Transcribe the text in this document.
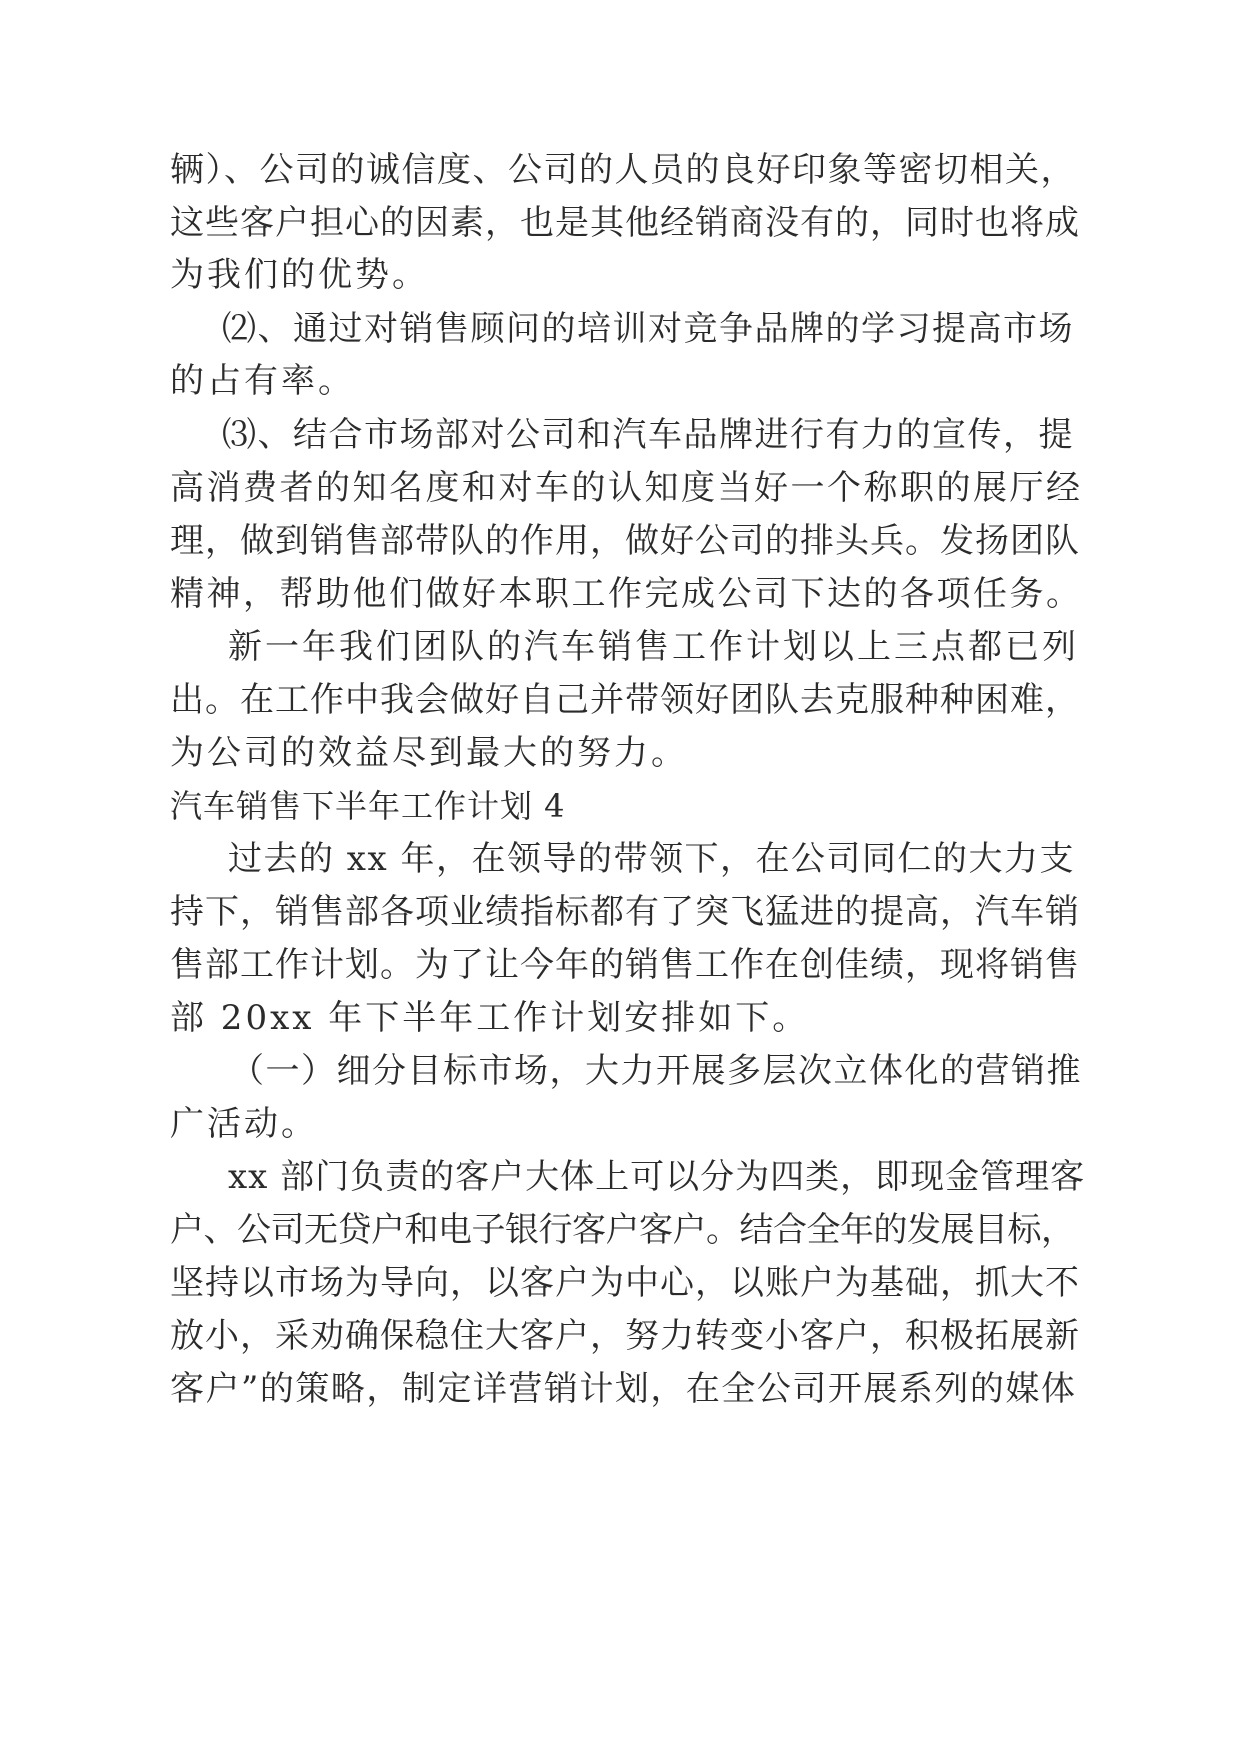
辆）、公司的诚信度、公司的人员的良好印象等密切相关，

这些客户担心的因素，也是其他经销商没有的，同时也将成

为我们的优势。

⑵、通过对销售顾问的培训对竞争品牌的学习提高市场

的占有率。

⑶、结合市场部对公司和汽车品牌进行有力的宣传，提

高消费者的知名度和对车的认知度当好一个称职的展厅经

理，做到销售部带队的作用，做好公司的排头兵。发扬团队

精神，帮助他们做好本职工作完成公司下达的各项任务。

新一年我们团队的汽车销售工作计划以上三点都已列

出。在工作中我会做好自己并带领好团队去克服种种困难，

为公司的效益尽到最大的努力。

汽车销售下半年工作计划 4

过去的 xx 年，在领导的带领下，在公司同仁的大力支

持下，销售部各项业绩指标都有了突飞猛进的提高，汽车销

售部工作计划。为了让今年的销售工作在创佳绩，现将销售

部 20xx 年下半年工作计划安排如下。

（一）细分目标市场，大力开展多层次立体化的营销推

广活动。

xx 部门负责的客户大体上可以分为四类，即现金管理客

户、公司无贷户和电子银行客户客户。结合全年的发展目标，

坚持以市场为导向，以客户为中心，以账户为基础，抓大不

放小，采劝确保稳住大客户，努力转变小客户，积极拓展新

客户”的策略，制定详营销计划，在全公司开展系列的媒体
